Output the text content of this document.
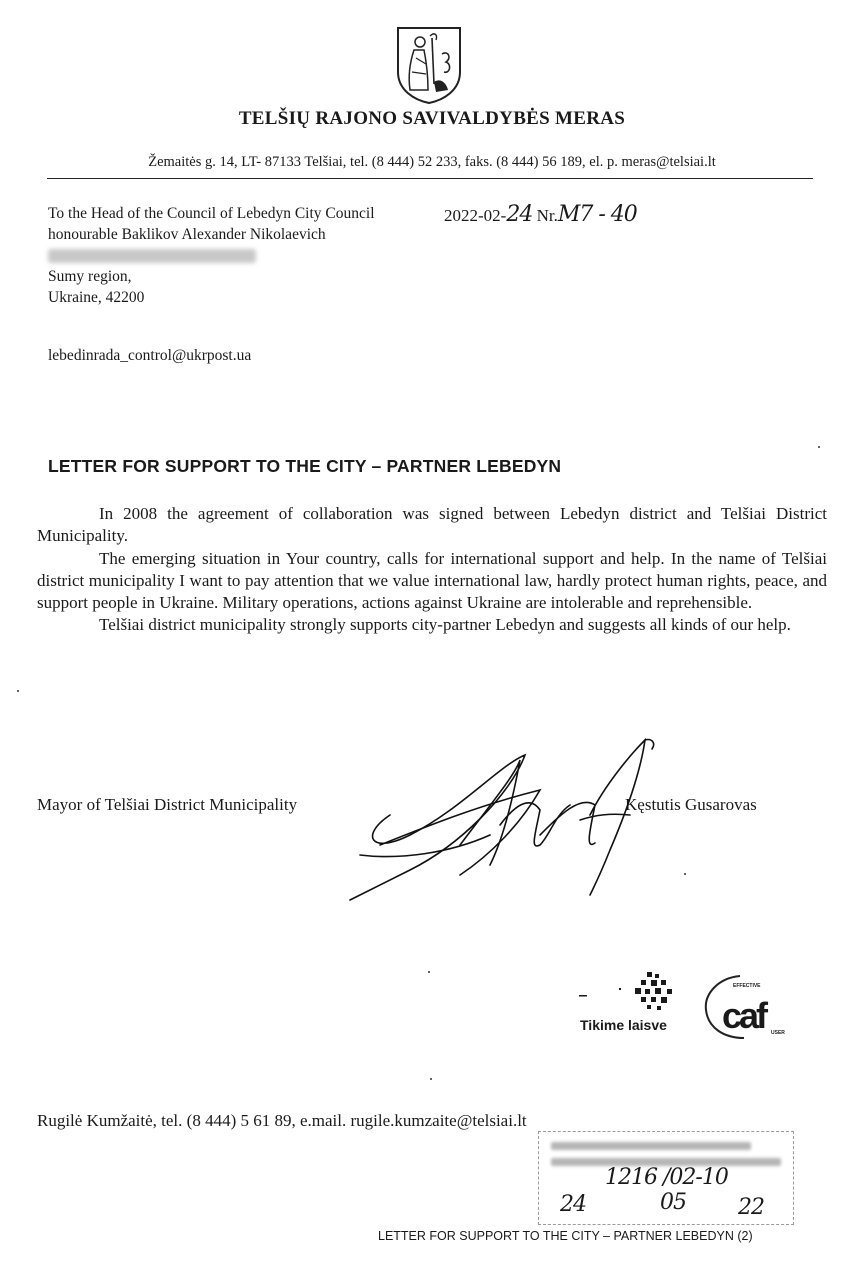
TELŠIŲ RAJONO SAVIVALDYBĖS MERAS
Žemaitės g. 14, LT- 87133 Telšiai, tel. (8 444) 52 233, faks. (8 444) 56 189, el. p. meras@telsiai.lt
To the Head of the Council of Lebedyn City Council
honourable Baklikov Alexander Nikolaevich
Sumy region,
Ukraine, 42200
lebedinrada_control@ukrpost.ua
2022-02-24 Nr.M7 - 40
LETTER FOR SUPPORT TO THE CITY – PARTNER LEBEDYN

In 2008 the agreement of collaboration was signed between Lebedyn district and Telšiai District Municipality.

The emerging situation in Your country, calls for international support and help. In the name of Telšiai district municipality I want to pay attention that we value international law, hardly protect human rights, peace, and support people in Ukraine. Military operations, actions against Ukraine are intolerable and reprehensible.

Telšiai district municipality strongly supports city-partner Lebedyn and suggests all kinds of our help.

Mayor of Telšiai District Municipality	Kęstutis Gusarovas
Tikime laisve
EFFECTIVE
caf USER
Rugilė Kumžaitė, tel. (8 444) 5 61 89, e.mail. rugile.kumzaite@telsiai.lt
1216 /02-10
24	05 22
LETTER FOR SUPPORT TO THE CITY – PARTNER LEBEDYN (2)
